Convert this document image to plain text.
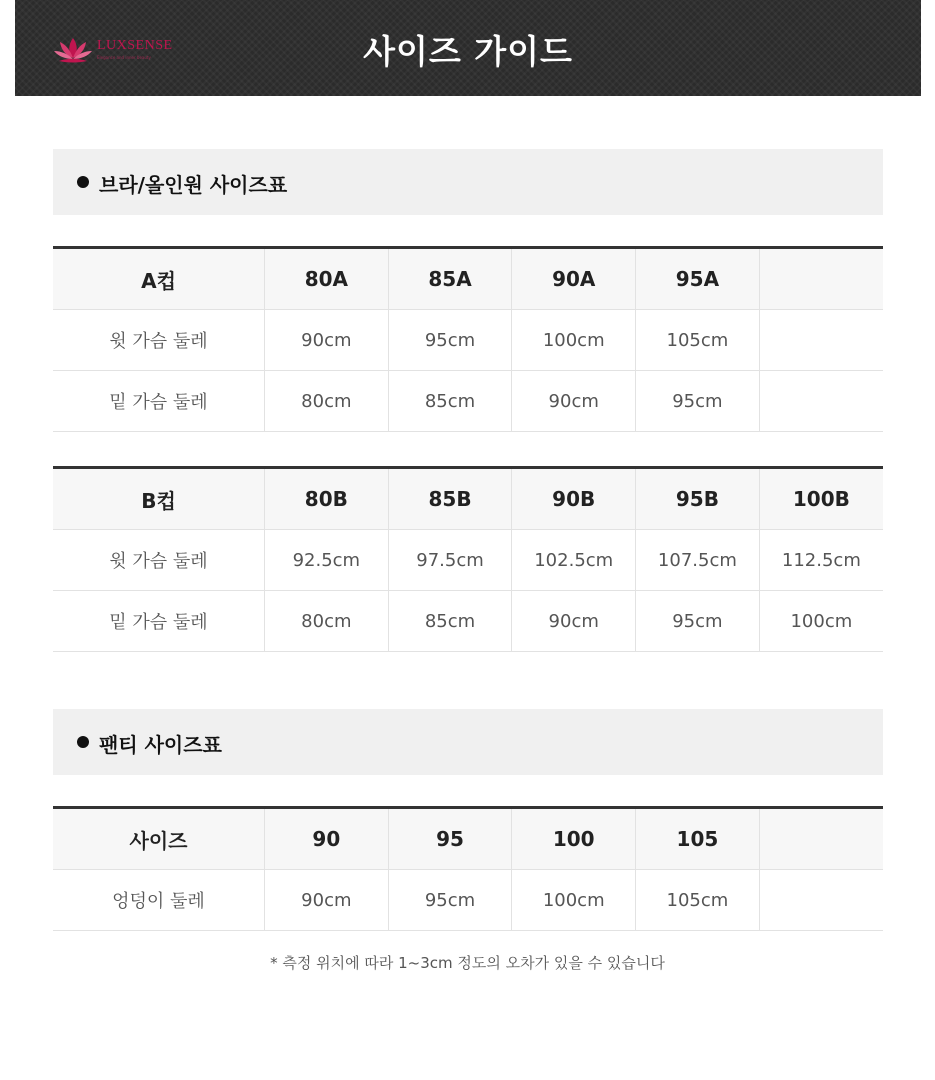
LUXSENSE
Elegance and inner beauty	사이즈 가이드
브라/올인원 사이즈표
A컵	80A	85A	90A	95A	
윗 가슴 둘레	90cm	95cm	100cm	105cm	
밑 가슴 둘레	80cm	85cm	90cm	95cm	
B컵	80B	85B	90B	95B	100B
윗 가슴 둘레	92.5cm	97.5cm	102.5cm	107.5cm	112.5cm
밑 가슴 둘레	80cm	85cm	90cm	95cm	100cm
팬티 사이즈표
사이즈	90	95	100	105	
엉덩이 둘레	90cm	95cm	100cm	105cm	
* 측정 위치에 따라 1~3cm 정도의 오차가 있을 수 있습니다
